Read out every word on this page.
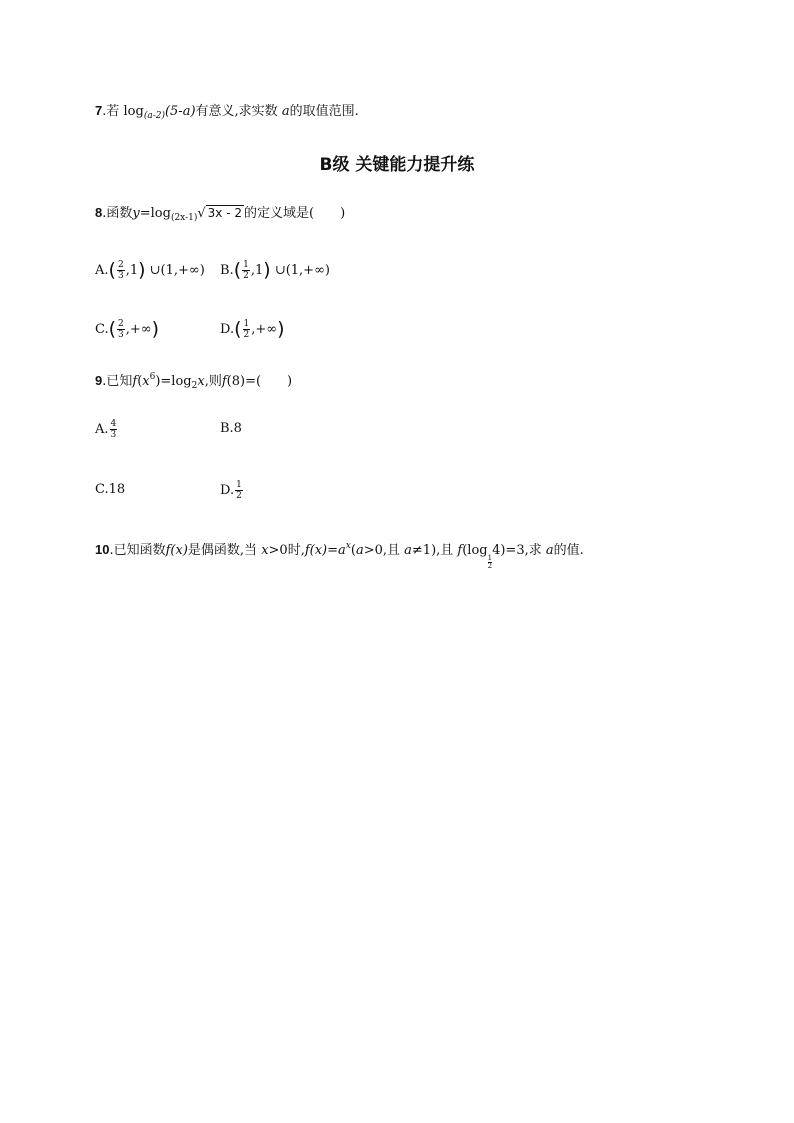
7.若 $\log_{(a-2)}(5-a)$有意义,求实数 a的取值范围.
B级 关键能力提升练
8.函数$y=\log_{(2x-1)}√$ 3x - 2 的定义域是(　　)
$A.( \frac{2}{3} ,1)$ ∪(1,+∞) $B.( \frac{1}{2} ,1)$ ∪(1,+∞)
$C.( \frac{2}{3}$ ,+∞)	$D.( \frac{1}{2}$ ,+∞)
9.已知$f(x^6)=\log_2x$,则f(8)=(　　)
A. $\frac{4}{3}$	B.8
C.18	D. $\frac{1}{2}$
10.已知函数f(x)是偶函数,当 x>0时$,f(x)=a^x(a>0$,且 a≠1),且 f(log
$\frac{1}{2}$
4)=3,求 a的值.
